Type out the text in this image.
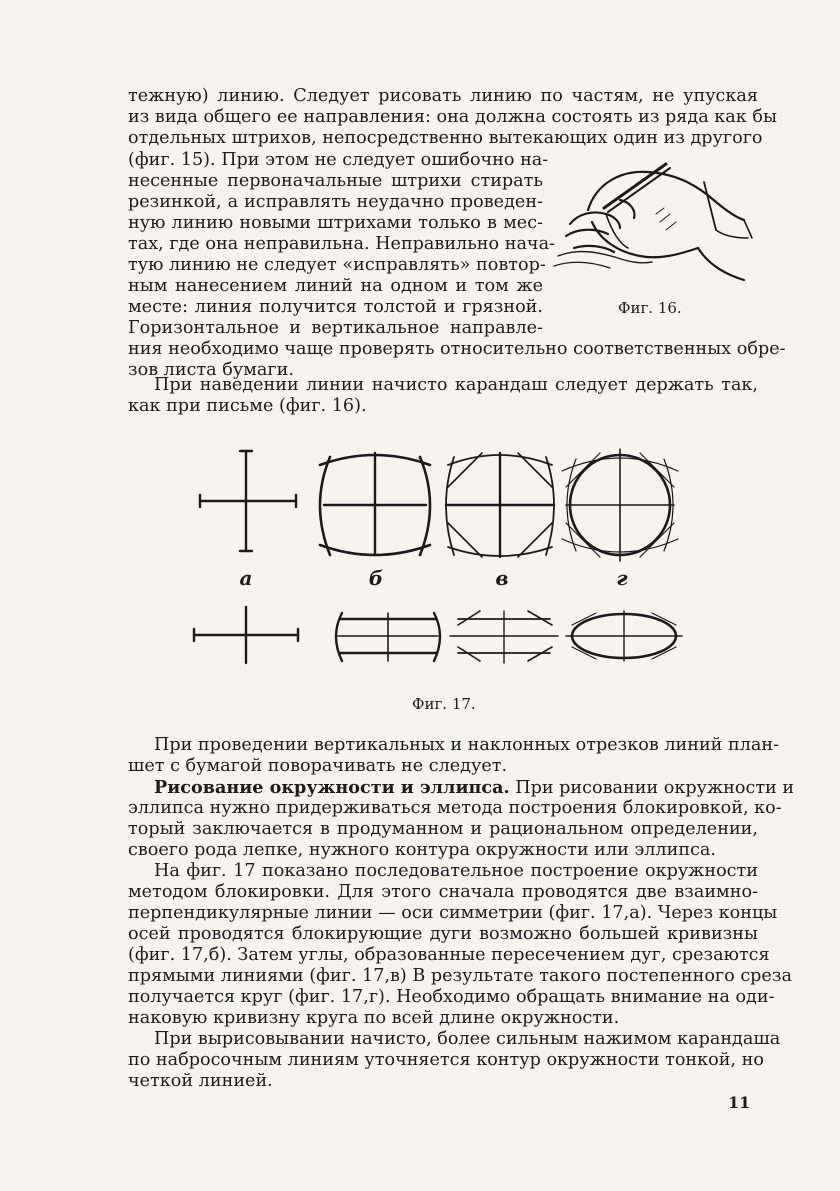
тежную) линию. Следует рисовать линию по частям, не упуская
из вида общего ее направления: она должна состоять из ряда как бы
отдельных штрихов, непосредственно вытекающих один из другого
(фиг. 15). При этом не следует ошибочно на-
несенные первоначальные штрихи стирать
резинкой, а исправлять неудачно проведен-
ную линию новыми штрихами только в мес-
тах, где она неправильна. Неправильно нача-
тую линию не следует «исправлять» повтор-
ным нанесением линий на одном и том же
месте: линия получится толстой и грязной.
Горизонтальное и вертикальное направле-
ния необходимо чаще проверять относительно соответственных обре-
зов листа бумаги.
Фиг. 16.
При наведении линии начисто карандаш следует держать так,
как при письме (фиг. 16).
а	б	в	г
Фиг. 17.
При проведении вертикальных и наклонных отрезков линий план-
шет с бумагой поворачивать не следует.
Рисование окружности и эллипса. При рисовании окружности и
эллипса нужно придерживаться метода построения блокировкой, ко-
торый заключается в продуманном и рациональном определении,
своего рода лепке, нужного контура окружности или эллипса.
На фиг. 17 показано последовательное построение окружности
методом блокировки. Для этого сначала проводятся две взаимно-
перпендикулярные линии — оси симметрии (фиг. 17,а). Через концы
осей проводятся блокирующие дуги возможно большей кривизны
(фиг. 17,б). Затем углы, образованные пересечением дуг, срезаются
прямыми линиями (фиг. 17,в) В результате такого постепенного среза
получается круг (фиг. 17,г). Необходимо обращать внимание на оди-
наковую кривизну круга по всей длине окружности.
При вырисовывании начисто, более сильным нажимом карандаша
по набросочным линиям уточняется контур окружности тонкой, но
четкой линией.
11
